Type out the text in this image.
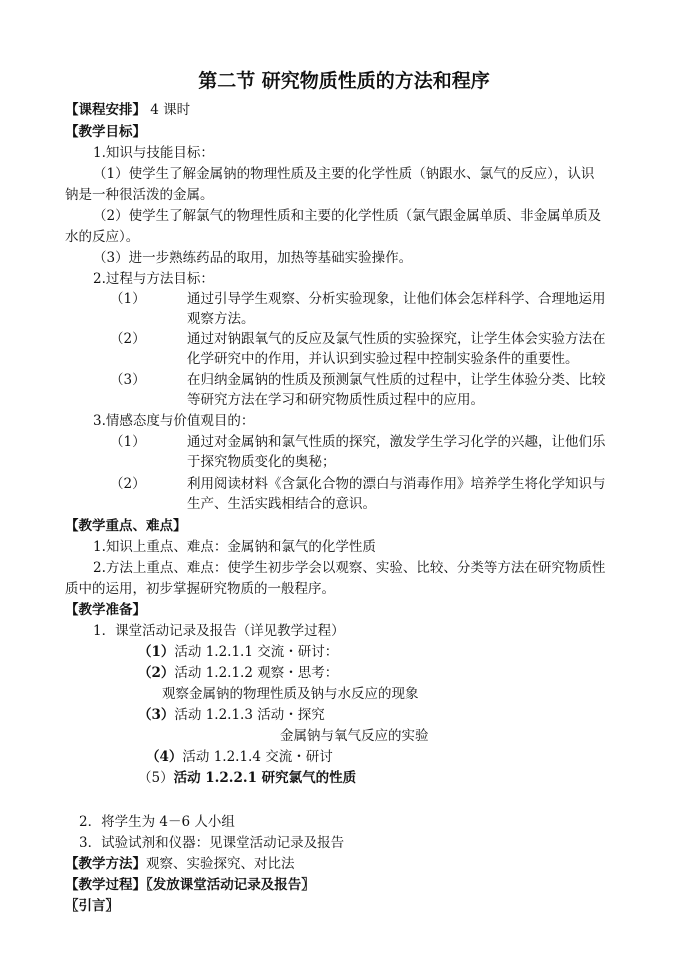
第二节 研究物质性质的方法和程序
【课程安排】 4 课时
【教学目标】
1.知识与技能目标：
（1）使学生了解金属钠的物理性质及主要的化学性质（钠跟水、氯气的反应），认识
钠是一种很活泼的金属。
（2）使学生了解氯气的物理性质和主要的化学性质（氯气跟金属单质、非金属单质及
水的反应）。
（3）进一步熟练药品的取用，加热等基础实验操作。
2.过程与方法目标：
（1）	通过引导学生观察、分析实验现象，让他们体会怎样科学、合理地运用
观察方法。
（2）	通过对钠跟氧气的反应及氯气性质的实验探究，让学生体会实验方法在
化学研究中的作用，并认识到实验过程中控制实验条件的重要性。
（3）	在归纳金属钠的性质及预测氯气性质的过程中，让学生体验分类、比较
等研究方法在学习和研究物质性质过程中的应用。
3.情感态度与价值观目的：
（1）	通过对金属钠和氯气性质的探究，激发学生学习化学的兴趣，让他们乐
于探究物质变化的奥秘；
（2）	利用阅读材料《含氯化合物的漂白与消毒作用》培养学生将化学知识与
生产、生活实践相结合的意识。
【教学重点、难点】
1.知识上重点、难点：金属钠和氯气的化学性质
2.方法上重点、难点：使学生初步学会以观察、实验、比较、分类等方法在研究物质性
质中的运用，初步掌握研究物质的一般程序。
【教学准备】
1．课堂活动记录及报告（详见教学过程）
（1）活动 1.2.1.1 交流・研讨：
（2）活动 1.2.1.2 观察・思考：
观察金属钠的物理性质及钠与水反应的现象
（3）活动 1.2.1.3 活动・探究
金属钠与氧气反应的实验
（4）活动 1.2.1.4 交流・研讨
（5）活动 1.2.2.1 研究氯气的性质
2．将学生为 4－6 人小组
3．试验试剂和仪器：见课堂活动记录及报告
【教学方法】观察、实验探究、对比法
【教学过程】〖发放课堂活动记录及报告〗
〖引言〗
